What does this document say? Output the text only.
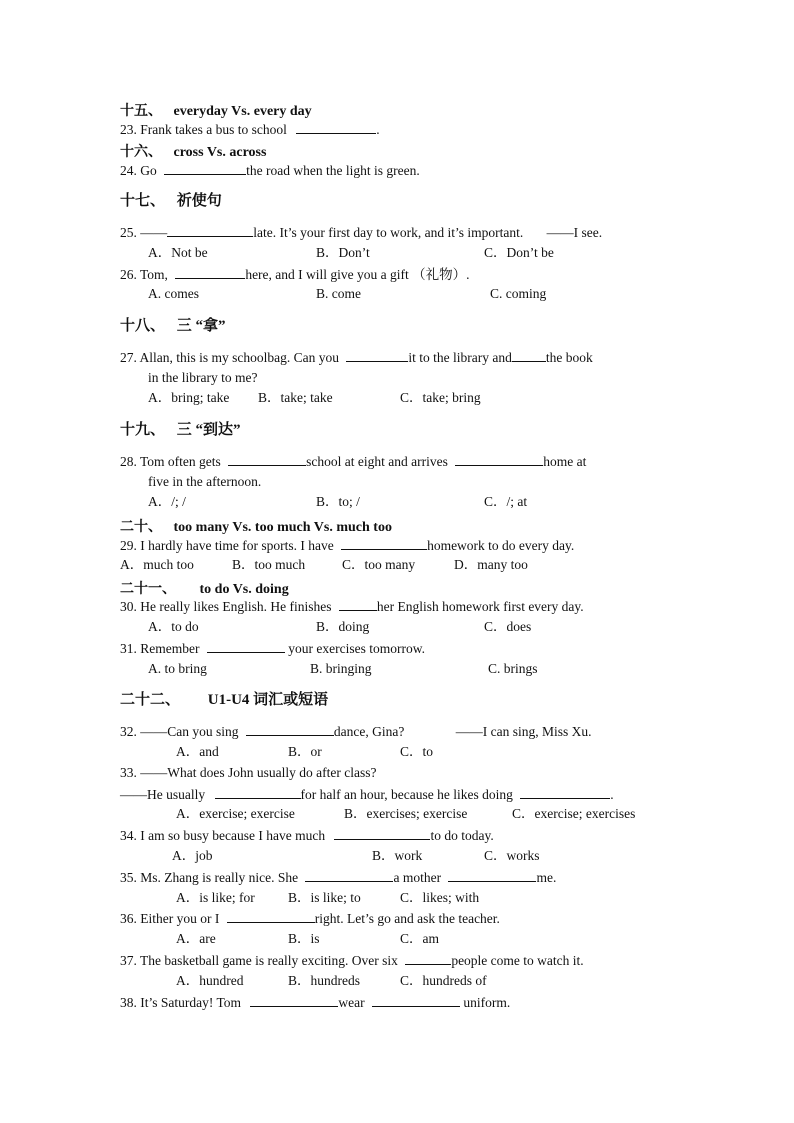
十五、 everyday Vs. every day
23. Frank takes a bus to school	.
十六、 cross Vs. across
24. Go	the road when the light is green.
十七、 祈使句
25. ——	late. It’s your first day to work, and it’s important. ——I see.
A．Not be	B．Don’t	C．Don’t be
26. Tom,	here, and I will give you a gift （礼物）.
A. comes	B. come	C. coming
十八、 三 “拿”
27. Allan, this is my schoolbag. Can you	it to the library and	the book
in the library to me?
A．bring; take B．take; take	C．take; bring
十九、 三 “到达”
28. Tom often gets	school at eight and arrives	home at
five in the afternoon.
A．/; /	B．to; /	C．/; at
二十、 too many Vs. too much Vs. much too
29. I hardly have time for sports. I have	homework to do every day.
A．much too	B．too much	C．too many	D．many too
二十一、 to do Vs. doing
30. He really likes English. He finishes	her English homework first every day.
A．to do	B．doing	C．does
31. Remember	your exercises tomorrow.
A. to bring	B. bringing	C. brings
二十二、 U1-U4 词汇或短语
32. ——Can you sing	dance, Gina?	——I can sing, Miss Xu.
A．and	B．or	C．to
33. ——What does John usually do after class?
——He usually	for half an hour, because he likes doing	.
A．exercise; exercise	B．exercises; exercise	C．exercise; exercises
34. I am so busy because I have much	to do today.
A．job	B．work	C．works
35. Ms. Zhang is really nice. She	a mother	me.
A．is like; for B．is like; to	C．likes; with
36. Either you or I	right. Let’s go and ask the teacher.
A．are	B．is	C．am
37. The basketball game is really exciting. Over six	people come to watch it.
A．hundred	B．hundreds	C．hundreds of
38. It’s Saturday! Tom	wear	uniform.
